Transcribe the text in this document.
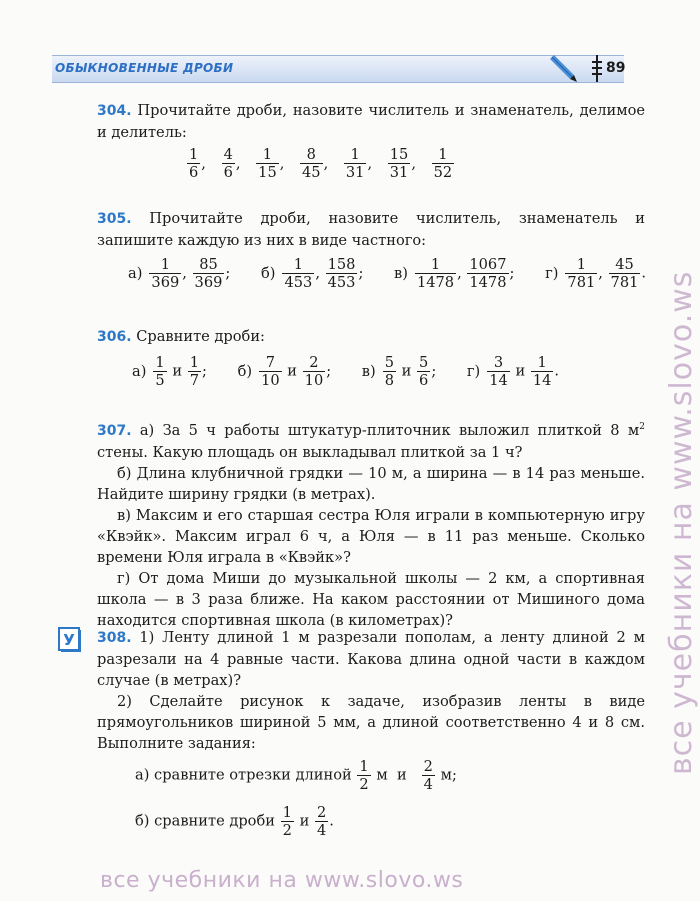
ОБЫКНОВЕННЫЕ ДРОБИ	89

304. Прочитайте дроби, назовите числитель и знаменатель, делимое и делитель:

$\frac{1}{6}$ , $\frac{4}{6}$ , $\frac{1}{15}$ , $\frac{8}{45}$ , $\frac{1}{31}$ , $\frac{15}{31}$ , $\frac{1}{52}$

305. Прочитайте дроби, назовите числитель, знаменатель и запишите каждую из них в виде частного:

$а) \frac{1}{369}$ , $\frac{85}{369}$ ; $б) \frac{1}{453}$ , $\frac{158}{453}$ ; $в) \frac{1}{1478}$ , $\frac{1067}{1478}$ ; $г) \frac{1}{781}$ , $\frac{45}{781}$ .

306. Сравните дроби:

$а) \frac{1}{5}$ и $\frac{1}{7}$ ; $б) \frac{7}{10}$ и $\frac{2}{10}$ ; $в) \frac{5}{8}$ и $\frac{5}{6}$ ; $г) \frac{3}{14}$ и $\frac{1}{14}$ .

307. а) За 5 ч работы штукатур-плиточник выложил плиткой 8 $м^2$ стены. Какую площадь он выкладывал плиткой за 1 ч?

б) Длина клубничной грядки — 10 м, а ширина — в 14 раз меньше. Найдите ширину грядки (в метрах).

в) Максим и его старшая сестра Юля играли в компьютерную игру «Квэйк». Максим играл 6 ч, а Юля — в 11 раз меньше. Сколько времени Юля играла в «Квэйк»?

г) От дома Миши до музыкальной школы — 2 км, а спортивная школа — в 3 раза ближе. На каком расстоянии от Мишиного дома находится спортивная школа (в километрах)?

У 308. 1) Ленту длиной 1 м разрезали пополам, а ленту длиной 2 м разрезали на 4 равные части. Какова длина одной части в каждом случае (в метрах)?

2) Сделайте рисунок к задаче, изобразив ленты в виде прямоугольников шириной 5 мм, а длиной соответственно 4 и 8 см. Выполните задания:

а) сравните отрезки длиной $\frac{1}{2}$ м и $\frac{2}{4} м$;
б) сравните дроби $\frac{1}{2}$ и $\frac{2}{4}$ .
все учебники на www.slovo.ws
все учебники на www.slovo.ws
